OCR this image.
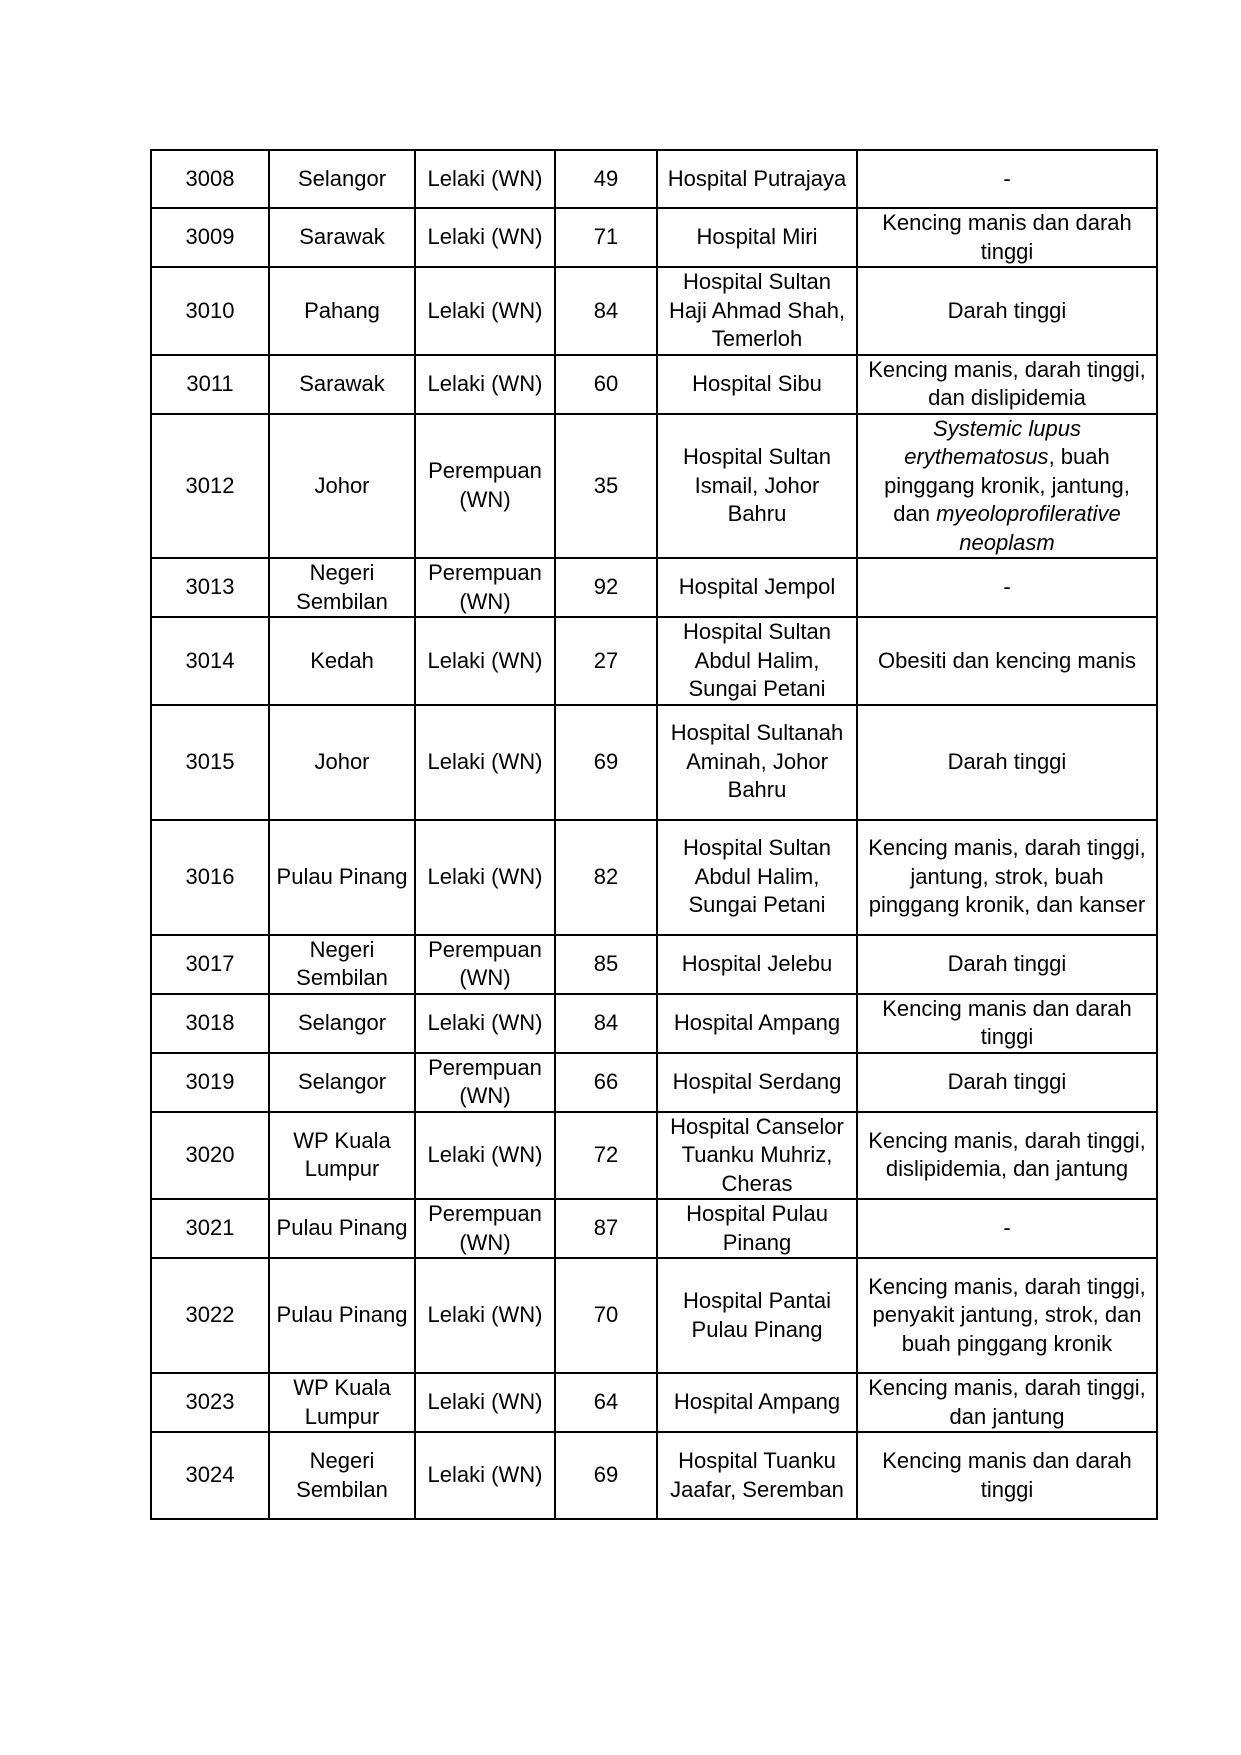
3008	Selangor	Lelaki (WN)	49	Hospital Putrajaya	-
3009	Sarawak	Lelaki (WN)	71	Hospital Miri	Kencing manis dan darah tinggi
3010	Pahang	Lelaki (WN)	84	Hospital Sultan Haji Ahmad Shah, Temerloh	Darah tinggi
3011	Sarawak	Lelaki (WN)	60	Hospital Sibu	Kencing manis, darah tinggi, dan dislipidemia
3012	Johor	Perempuan (WN)	35	Hospital Sultan Ismail, Johor Bahru	Systemic lupus erythematosus, buah pinggang kronik, jantung, dan myeoloprofilerative neoplasm
3013	Negeri Sembilan	Perempuan (WN)	92	Hospital Jempol	-
3014	Kedah	Lelaki (WN)	27	Hospital Sultan Abdul Halim, Sungai Petani	Obesiti dan kencing manis
3015	Johor	Lelaki (WN)	69	Hospital Sultanah Aminah, Johor Bahru	Darah tinggi
3016	Pulau Pinang	Lelaki (WN)	82	Hospital Sultan Abdul Halim, Sungai Petani	Kencing manis, darah tinggi, jantung, strok, buah pinggang kronik, dan kanser
3017	Negeri Sembilan	Perempuan (WN)	85	Hospital Jelebu	Darah tinggi
3018	Selangor	Lelaki (WN)	84	Hospital Ampang	Kencing manis dan darah tinggi
3019	Selangor	Perempuan (WN)	66	Hospital Serdang	Darah tinggi
3020	WP Kuala Lumpur	Lelaki (WN)	72	Hospital Canselor Tuanku Muhriz, Cheras	Kencing manis, darah tinggi, dislipidemia, dan jantung
3021	Pulau Pinang	Perempuan (WN)	87	Hospital Pulau Pinang	-
3022	Pulau Pinang	Lelaki (WN)	70	Hospital Pantai Pulau Pinang	Kencing manis, darah tinggi, penyakit jantung, strok, dan buah pinggang kronik
3023	WP Kuala Lumpur	Lelaki (WN)	64	Hospital Ampang	Kencing manis, darah tinggi, dan jantung
3024	Negeri Sembilan	Lelaki (WN)	69	Hospital Tuanku Jaafar, Seremban	Kencing manis dan darah tinggi
